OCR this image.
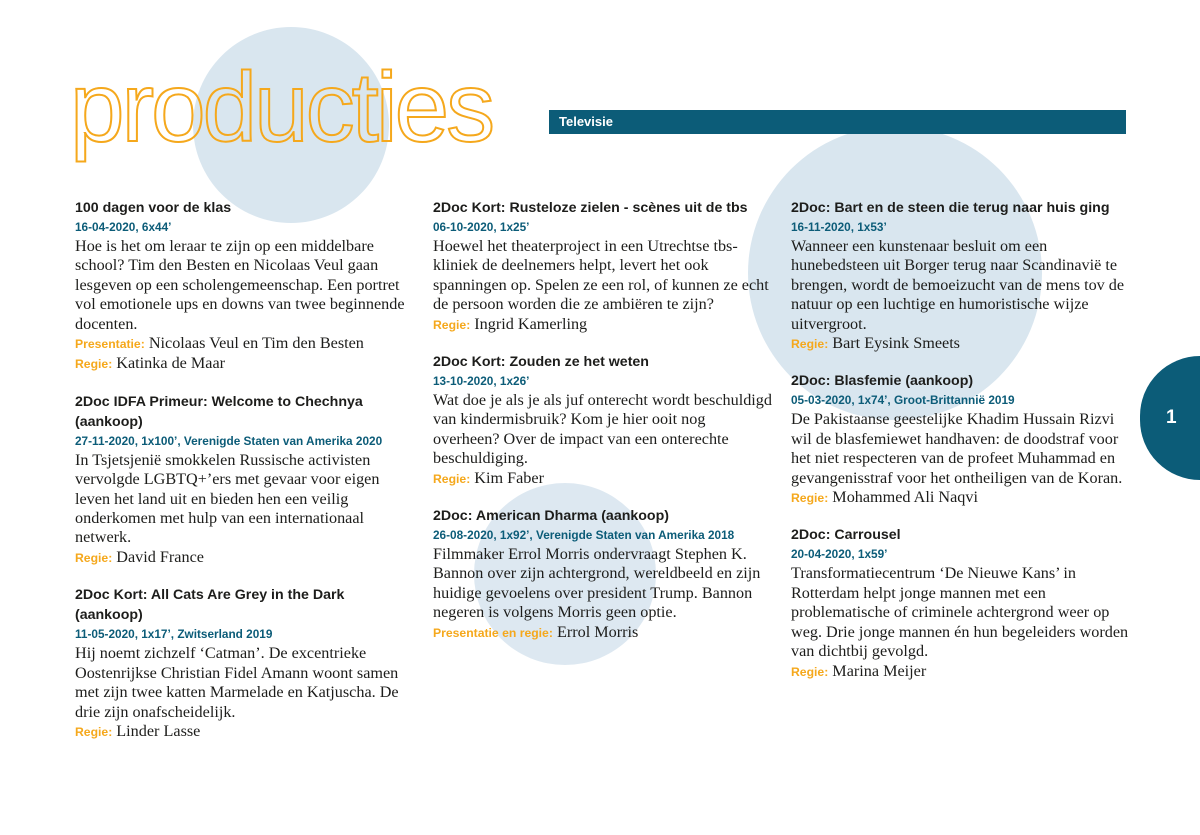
producties	Televisie
1
100 dagen voor de klas
16-04-2020, 6x44’
Hoe is het om leraar te zijn op een middelbare school? Tim den Besten en Nicolaas Veul gaan lesgeven op een scholengemeenschap. Een portret vol emotionele ups en downs van twee beginnende docenten.
Presentatie: Nicolaas Veul en Tim den Besten
Regie: Katinka de Maar
2Doc IDFA Primeur: Welcome to Chechnya (aankoop)
27-11-2020, 1x100’, Verenigde Staten van Amerika 2020
In Tsjetsjenië smokkelen Russische activisten vervolgde LGBTQ+’ers met gevaar voor eigen leven het land uit en bieden hen een veilig onderkomen met hulp van een internationaal netwerk.
Regie: David France
2Doc Kort: All Cats Are Grey in the Dark (aankoop)
11-05-2020, 1x17’, Zwitserland 2019
Hij noemt zichzelf ‘Catman’. De excentrieke Oostenrijkse Christian Fidel Amann woont samen met zijn twee katten Marmelade en Katjuscha. De drie zijn onafscheidelijk.
Regie: Linder Lasse
2Doc Kort: Rusteloze zielen - scènes uit de tbs
06-10-2020, 1x25’
Hoewel het theaterproject in een Utrechtse tbs-kliniek de deelnemers helpt, levert het ook spanningen op. Spelen ze een rol, of kunnen ze echt de persoon worden die ze ambiëren te zijn?
Regie: Ingrid Kamerling
2Doc Kort: Zouden ze het weten
13-10-2020, 1x26’
Wat doe je als je als juf onterecht wordt beschuldigd van kindermisbruik? Kom je hier ooit nog overheen? Over de impact van een onterechte beschuldiging.
Regie: Kim Faber
2Doc: American Dharma (aankoop)
26-08-2020, 1x92’, Verenigde Staten van Amerika 2018
Filmmaker Errol Morris ondervraagt Stephen K. Bannon over zijn achtergrond, wereldbeeld en zijn huidige gevoelens over president Trump. Bannon negeren is volgens Morris geen optie.
Presentatie en regie: Errol Morris
2Doc: Bart en de steen die terug naar huis ging
16-11-2020, 1x53’
Wanneer een kunstenaar besluit om een hunebedsteen uit Borger terug naar Scandinavië te brengen, wordt de bemoeizucht van de mens tov de natuur op een luchtige en humoristische wijze uitvergroot.
Regie: Bart Eysink Smeets
2Doc: Blasfemie (aankoop)
05-03-2020, 1x74’, Groot-Brittannië 2019
De Pakistaanse geestelijke Khadim Hussain Rizvi wil de blasfemiewet handhaven: de doodstraf voor het niet respecteren van de profeet Muhammad en gevangenisstraf voor het ontheiligen van de Koran.
Regie: Mohammed Ali Naqvi
2Doc: Carrousel
20-04-2020, 1x59’
Transformatiecentrum ‘De Nieuwe Kans’ in Rotterdam helpt jonge mannen met een problematische of criminele achtergrond weer op weg. Drie jonge mannen én hun begeleiders worden van dichtbij gevolgd.
Regie: Marina Meijer
